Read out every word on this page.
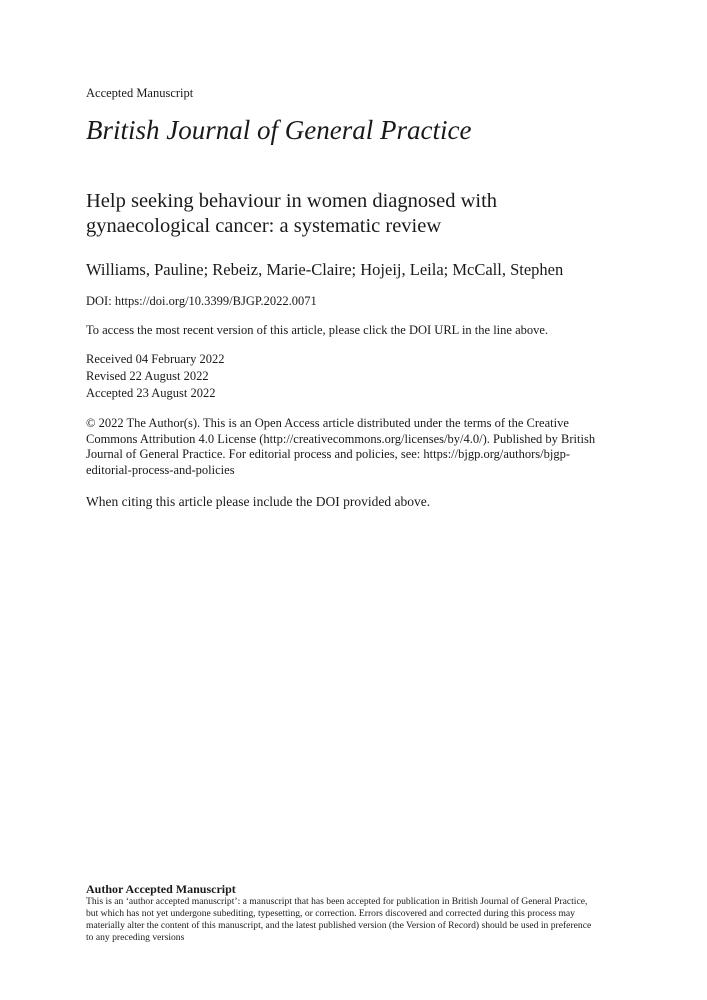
Accepted Manuscript
British Journal of General Practice
Help seeking behaviour in women diagnosed with gynaecological cancer: a systematic review
Williams, Pauline; Rebeiz, Marie-Claire; Hojeij, Leila; McCall, Stephen
DOI: https://doi.org/10.3399/BJGP.2022.0071
To access the most recent version of this article, please click the DOI URL in the line above.
Received 04 February 2022
Revised 22 August 2022
Accepted 23 August 2022

© 2022 The Author(s). This is an Open Access article distributed under the terms of the Creative Commons Attribution 4.0 License (http://creativecommons.org/licenses/by/4.0/). Published by British Journal of General Practice. For editorial process and policies, see: https://bjgp.org/authors/bjgp-editorial-process-and-policies

When citing this article please include the DOI provided above.
Author Accepted Manuscript

This is an ‘author accepted manuscript’: a manuscript that has been accepted for publication in British Journal of General Practice, but which has not yet undergone subediting, typesetting, or correction. Errors discovered and corrected during this process may materially alter the content of this manuscript, and the latest published version (the Version of Record) should be used in preference to any preceding versions
